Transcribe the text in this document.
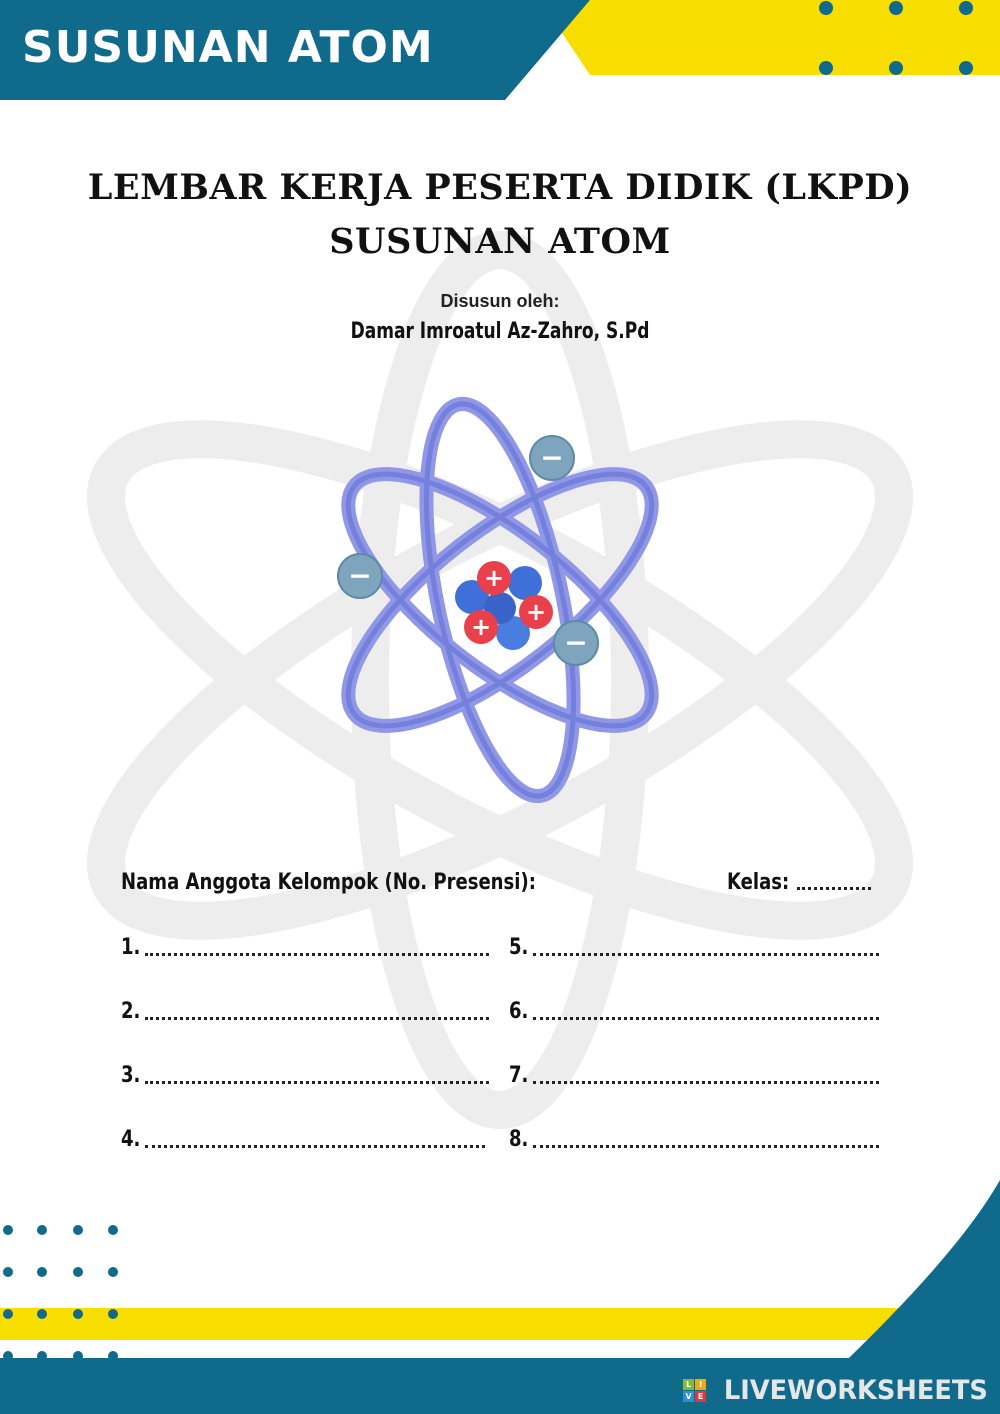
SUSUNAN ATOM
LEMBAR KERJA PESERTA DIDIK (LKPD)
SUSUNAN ATOM
Disusun oleh:
Damar Imroatul Az-Zahro, S.Pd
+
+
+
−
−
−
Nama Anggota Kelompok (No. Presensi):	Kelas:
1.
2.
3.
4.
5.
6.
7.
8.
L I
V E LIVEWORKSHEETS
